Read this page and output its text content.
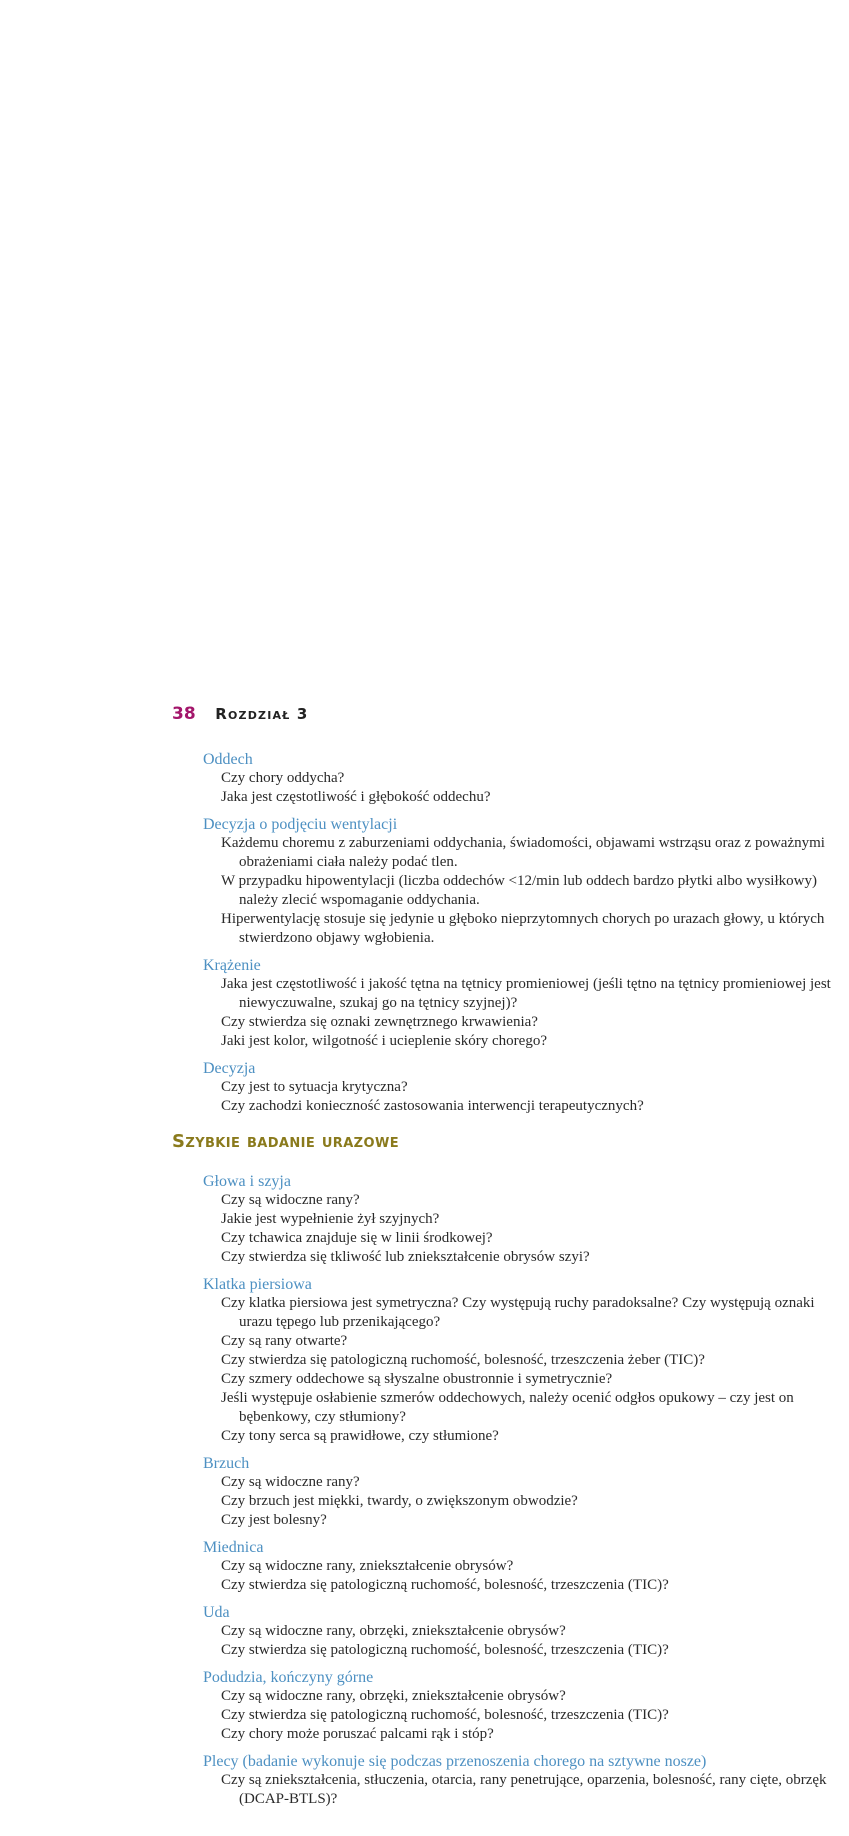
38 Rozdział 3
Oddech
Czy chory oddycha?
Jaka jest częstotliwość i głębokość oddechu?
Decyzja o podjęciu wentylacji
Każdemu choremu z zaburzeniami oddychania, świadomości, objawami wstrząsu oraz z poważnymi obrażeniami ciała należy podać tlen.
W przypadku hipowentylacji (liczba oddechów <12/min lub oddech bardzo płytki albo wysiłkowy) należy zlecić wspomaganie oddychania.
Hiperwentylację stosuje się jedynie u głęboko nieprzytomnych chorych po urazach głowy, u których stwierdzono objawy wgłobienia.
Krążenie
Jaka jest częstotliwość i jakość tętna na tętnicy promieniowej (jeśli tętno na tętnicy promieniowej jest niewyczuwalne, szukaj go na tętnicy szyjnej)?
Czy stwierdza się oznaki zewnętrznego krwawienia?
Jaki jest kolor, wilgotność i ucieplenie skóry chorego?
Decyzja
Czy jest to sytuacja krytyczna?
Czy zachodzi konieczność zastosowania interwencji terapeutycznych?
Szybkie badanie urazowe
Głowa i szyja
Czy są widoczne rany?
Jakie jest wypełnienie żył szyjnych?
Czy tchawica znajduje się w linii środkowej?
Czy stwierdza się tkliwość lub zniekształcenie obrysów szyi?
Klatka piersiowa
Czy klatka piersiowa jest symetryczna? Czy występują ruchy paradoksalne? Czy występują oznaki urazu tępego lub przenikającego?
Czy są rany otwarte?
Czy stwierdza się patologiczną ruchomość, bolesność, trzeszczenia żeber (TIC)?
Czy szmery oddechowe są słyszalne obustronnie i symetrycznie?
Jeśli występuje osłabienie szmerów oddechowych, należy ocenić odgłos opukowy – czy jest on bębenkowy, czy stłumiony?
Czy tony serca są prawidłowe, czy stłumione?
Brzuch
Czy są widoczne rany?
Czy brzuch jest miękki, twardy, o zwiększonym obwodzie?
Czy jest bolesny?
Miednica
Czy są widoczne rany, zniekształcenie obrysów?
Czy stwierdza się patologiczną ruchomość, bolesność, trzeszczenia (TIC)?
Uda
Czy są widoczne rany, obrzęki, zniekształcenie obrysów?
Czy stwierdza się patologiczną ruchomość, bolesność, trzeszczenia (TIC)?
Podudzia, kończyny górne
Czy są widoczne rany, obrzęki, zniekształcenie obrysów?
Czy stwierdza się patologiczną ruchomość, bolesność, trzeszczenia (TIC)?
Czy chory może poruszać palcami rąk i stóp?
Plecy (badanie wykonuje się podczas przenoszenia chorego na sztywne nosze)
Czy są zniekształcenia, stłuczenia, otarcia, rany penetrujące, oparzenia, bolesność, rany cięte, obrzęk (DCAP-BTLS)?
